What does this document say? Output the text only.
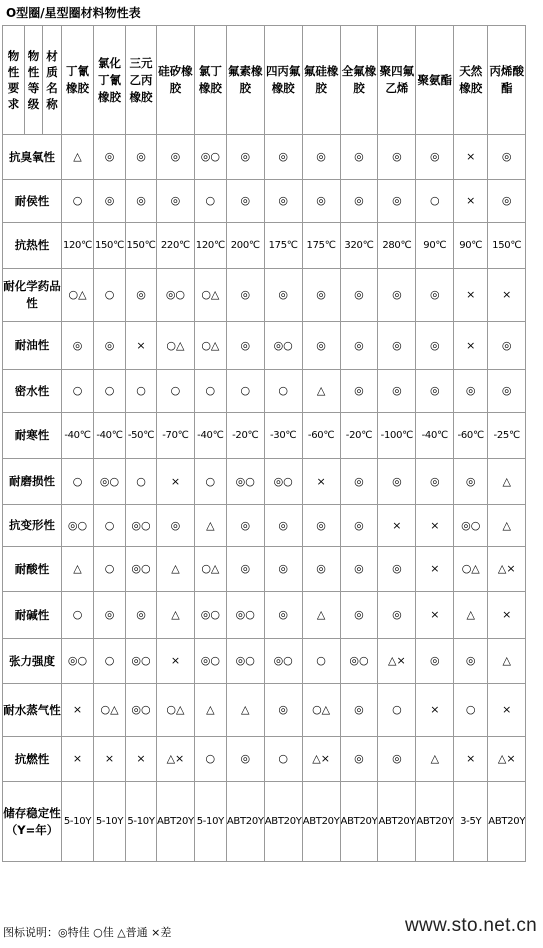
O型圈/星型圈材料物性表
物性要求	物性等级	材质名称	丁氰橡胶	氯化丁氰橡胶	三元乙丙橡胶	硅矽橡胶	氯丁橡胶	氟素橡胶	四丙氟橡胶	氟硅橡胶	全氟橡胶	聚四氟乙烯	聚氨酯	天然橡胶	丙烯酸酯
抗臭氧性			△	◎	◎	◎	◎○	◎	◎	◎	◎	◎	◎	×	◎
耐侯性			○	◎	◎	◎	○	◎	◎	◎	◎	◎	○	×	◎
抗热性			120℃	150℃	150℃	220℃	120℃	200℃	175℃	175℃	320℃	280℃	90℃	90℃	150℃
耐化学药品性			○△	○	◎	◎○	○△	◎	◎	◎	◎	◎	◎	×	×
耐油性			◎	◎	×	○△	○△	◎	◎○	◎	◎	◎	◎	×	◎
密水性			○	○	○	○	○	○	○	△	◎	◎	◎	◎	◎
耐寒性			-40℃	-40℃	-50℃	-70℃	-40℃	-20℃	-30℃	-60℃	-20℃	-100℃	-40℃	-60℃	-25℃
耐磨损性			○	◎○	○	×	○	◎○	◎○	×	◎	◎	◎	◎	△
抗变形性			◎○	○	◎○	◎	△	◎	◎	◎	◎	×	×	◎○	△
耐酸性			△	○	◎○	△	○△	◎	◎	◎	◎	◎	×	○△	△×
耐碱性			○	◎	◎	△	◎○	◎○	◎	△	◎	◎	×	△	×
张力强度			◎○	○	◎○	×	◎○	◎○	◎○	○	◎○	△×	◎	◎	△
耐水蒸气性			×	○△	◎○	○△	△	△	◎	○△	◎	○	×	○	×
抗燃性			×	×	×	△×	○	◎	○	△×	◎	◎	△	×	△×
储存稳定性（Y=年）			5-10Y	5-10Y	5-10Y	ABT20Y	5-10Y	ABT20Y	ABT20Y	ABT20Y	ABT20Y	ABT20Y	ABT20Y	3-5Y	ABT20Y
图标说明：◎特佳 ○佳 △普通 ×差	www.sto.net.cn
